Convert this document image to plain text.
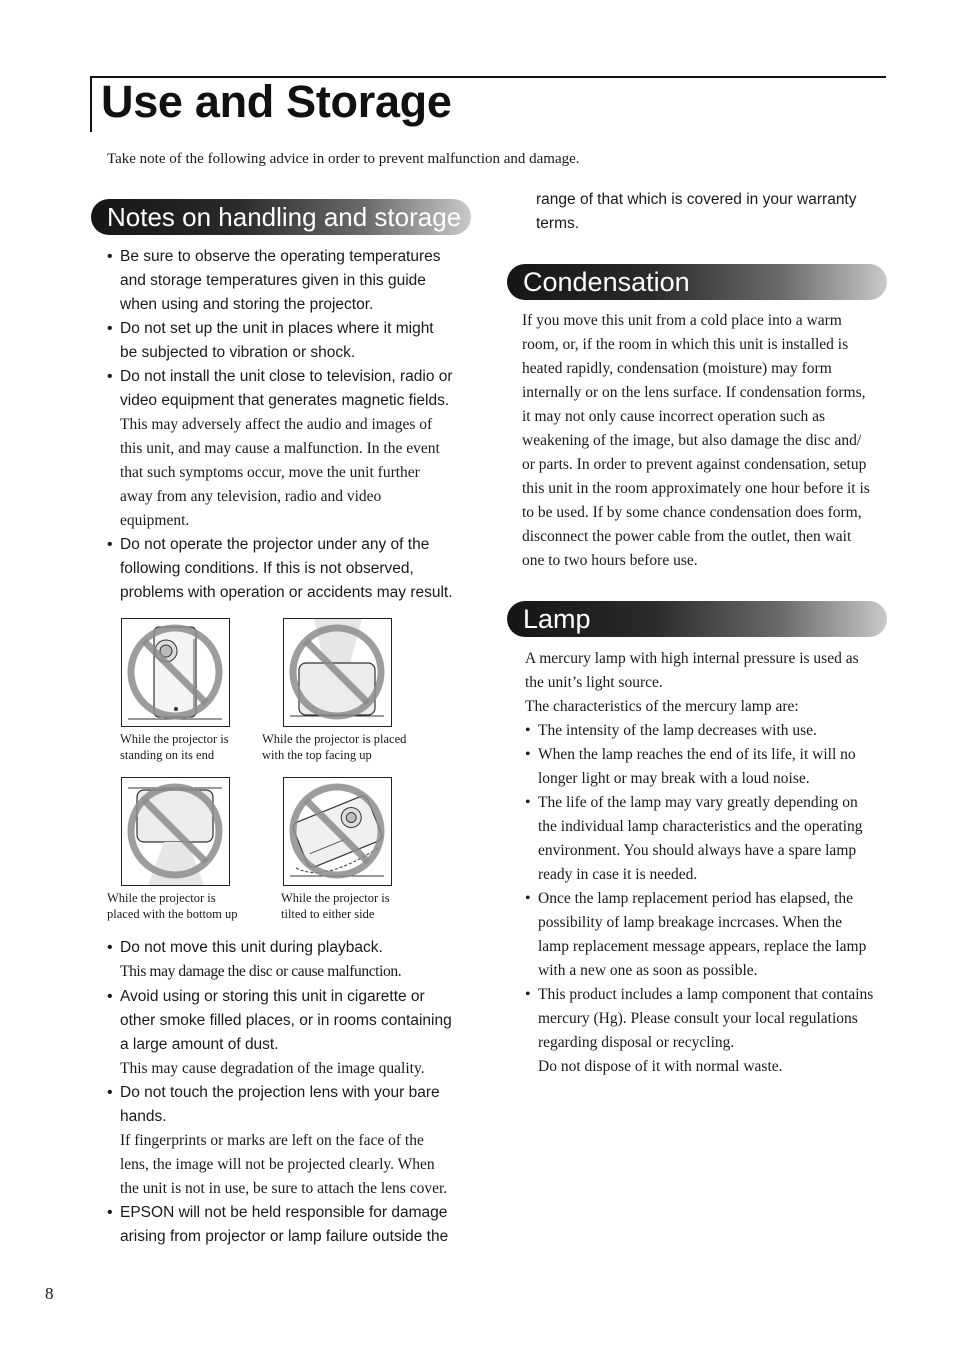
Use and Storage
Take note of the following advice in order to prevent malfunction and damage.
Notes on handling and storage
• Be sure to observe the operating temperatures
and storage temperatures given in this guide
when using and storing the projector.
• Do not set up the unit in places where it might
be subjected to vibration or shock.
• Do not install the unit close to television, radio or
video equipment that generates magnetic fields.
This may adversely affect the audio and images of
this unit, and may cause a malfunction. In the event
that such symptoms occur, move the unit further
away from any television, radio and video
equipment.
• Do not operate the projector under any of the
following conditions. If this is not observed,
problems with operation or accidents may result.
While the projector is
standing on its end
While the projector is placed
with the top facing up
While the projector is
placed with the bottom up
While the projector is
tilted to either side
• Do not move this unit during playback.
This may damage the disc or cause malfunction.
• Avoid using or storing this unit in cigarette or
other smoke filled places, or in rooms containing
a large amount of dust.
This may cause degradation of the image quality.
• Do not touch the projection lens with your bare
hands.
If fingerprints or marks are left on the face of the
lens, the image will not be projected clearly. When
the unit is not in use, be sure to attach the lens cover.
• EPSON will not be held responsible for damage
arising from projector or lamp failure outside the
range of that which is covered in your warranty
terms.
Condensation
If you move this unit from a cold place into a warm
room, or, if the room in which this unit is installed is
heated rapidly, condensation (moisture) may form
internally or on the lens surface. If condensation forms,
it may not only cause incorrect operation such as
weakening of the image, but also damage the disc and/
or parts. In order to prevent against condensation, setup
this unit in the room approximately one hour before it is
to be used. If by some chance condensation does form,
disconnect the power cable from the outlet, then wait
one to two hours before use.
Lamp
A mercury lamp with high internal pressure is used as
the unit’s light source.
The characteristics of the mercury lamp are:
• The intensity of the lamp decreases with use.
• When the lamp reaches the end of its life, it will no
longer light or may break with a loud noise.
• The life of the lamp may vary greatly depending on
the individual lamp characteristics and the operating
environment. You should always have a spare lamp
ready in case it is needed.
• Once the lamp replacement period has elapsed, the
possibility of lamp breakage incrcases. When the
lamp replacement message appears, replace the lamp
with a new one as soon as possible.
• This product includes a lamp component that contains
mercury (Hg). Please consult your local regulations
regarding disposal or recycling.
Do not dispose of it with normal waste.
8
